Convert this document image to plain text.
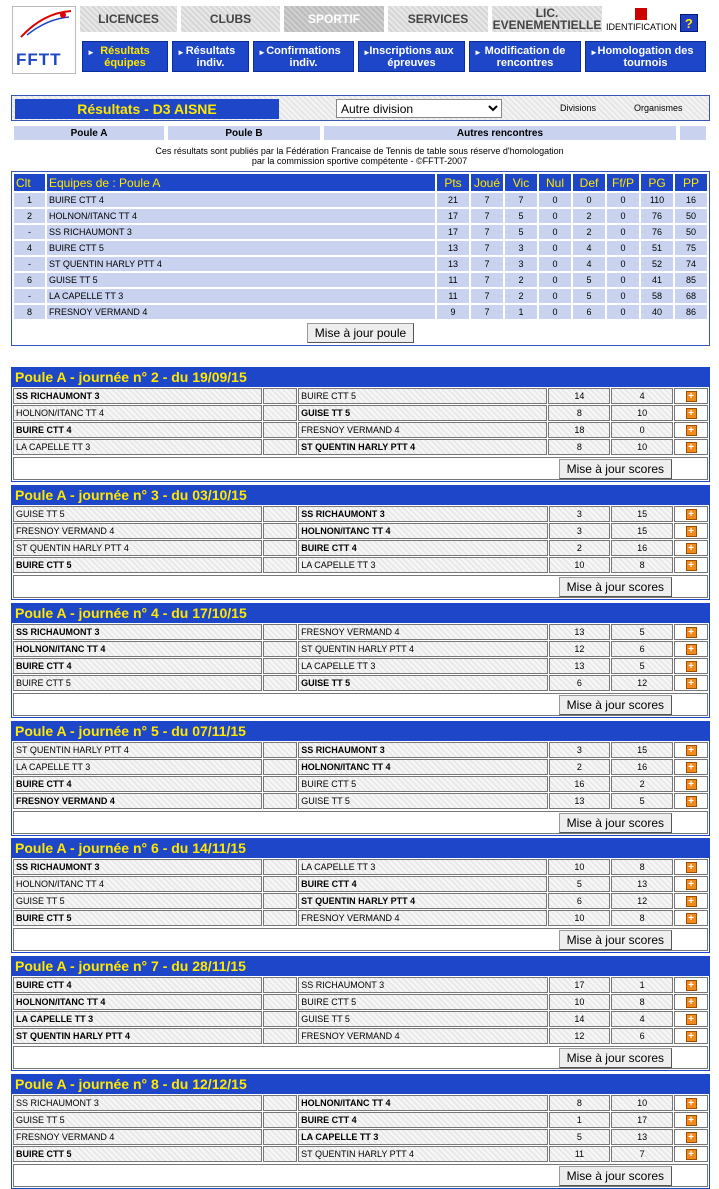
FFTT
LICENCES	CLUBS	SPORTIF	SERVICES	LIC. EVENEMENTIELLE IDENTIFICATION ?
► Résultats équipes
► Résultats indiv.
► Confirmations indiv.
►
Inscriptions aux épreuves
► Modification de rencontres
► Homologation des tournois
Résultats - D3 AISNE
Autre division	Divisions	Organismes
Poule A	Poule B	Autres rencontres
Ces résultats sont publiés par la Fédération Francaise de Tennis de table sous réserve d'homologation
par la commission sportive compétente - ©FFTT-2007
Clt	Equipes de : Poule A	Pts	Joué	Vic	Nul	Def	Ff/P	PG	PP
1	BUIRE CTT 4	21	7	7	0	0	0	110	16
2	HOLNON/ITANC TT 4	17	7	5	0	2	0	76	50
-	SS RICHAUMONT 3	17	7	5	0	2	0	76	50
4	BUIRE CTT 5	13	7	3	0	4	0	51	75
-	ST QUENTIN HARLY PTT 4	13	7	3	0	4	0	52	74
6	GUISE TT 5	11	7	2	0	5	0	41	85
-	LA CAPELLE TT 3	11	7	2	0	5	0	58	68
8	FRESNOY VERMAND 4	9	7	1	0	6	0	40	86
Mise à jour poule
Poule A - journée n° 2 - du 19/09/15
SS RICHAUMONT 3		BUIRE CTT 5	14	4	+
HOLNON/ITANC TT 4		GUISE TT 5	8	10	+
BUIRE CTT 4		FRESNOY VERMAND 4	18	0	+
LA CAPELLE TT 3		ST QUENTIN HARLY PTT 4	8	10	+
Mise à jour scores
Poule A - journée n° 3 - du 03/10/15
GUISE TT 5		SS RICHAUMONT 3	3	15	+
FRESNOY VERMAND 4		HOLNON/ITANC TT 4	3	15	+
ST QUENTIN HARLY PTT 4		BUIRE CTT 4	2	16	+
BUIRE CTT 5		LA CAPELLE TT 3	10	8	+
Mise à jour scores
Poule A - journée n° 4 - du 17/10/15
SS RICHAUMONT 3		FRESNOY VERMAND 4	13	5	+
HOLNON/ITANC TT 4		ST QUENTIN HARLY PTT 4	12	6	+
BUIRE CTT 4		LA CAPELLE TT 3	13	5	+
BUIRE CTT 5		GUISE TT 5	6	12	+
Mise à jour scores
Poule A - journée n° 5 - du 07/11/15
ST QUENTIN HARLY PTT 4		SS RICHAUMONT 3	3	15	+
LA CAPELLE TT 3		HOLNON/ITANC TT 4	2	16	+
BUIRE CTT 4		BUIRE CTT 5	16	2	+
FRESNOY VERMAND 4		GUISE TT 5	13	5	+
Mise à jour scores
Poule A - journée n° 6 - du 14/11/15
SS RICHAUMONT 3		LA CAPELLE TT 3	10	8	+
HOLNON/ITANC TT 4		BUIRE CTT 4	5	13	+
GUISE TT 5		ST QUENTIN HARLY PTT 4	6	12	+
BUIRE CTT 5		FRESNOY VERMAND 4	10	8	+
Mise à jour scores
Poule A - journée n° 7 - du 28/11/15
BUIRE CTT 4		SS RICHAUMONT 3	17	1	+
HOLNON/ITANC TT 4		BUIRE CTT 5	10	8	+
LA CAPELLE TT 3		GUISE TT 5	14	4	+
ST QUENTIN HARLY PTT 4		FRESNOY VERMAND 4	12	6	+
Mise à jour scores
Poule A - journée n° 8 - du 12/12/15
SS RICHAUMONT 3		HOLNON/ITANC TT 4	8	10	+
GUISE TT 5		BUIRE CTT 4	1	17	+
FRESNOY VERMAND 4		LA CAPELLE TT 3	5	13	+
BUIRE CTT 5		ST QUENTIN HARLY PTT 4	11	7	+
Mise à jour scores
